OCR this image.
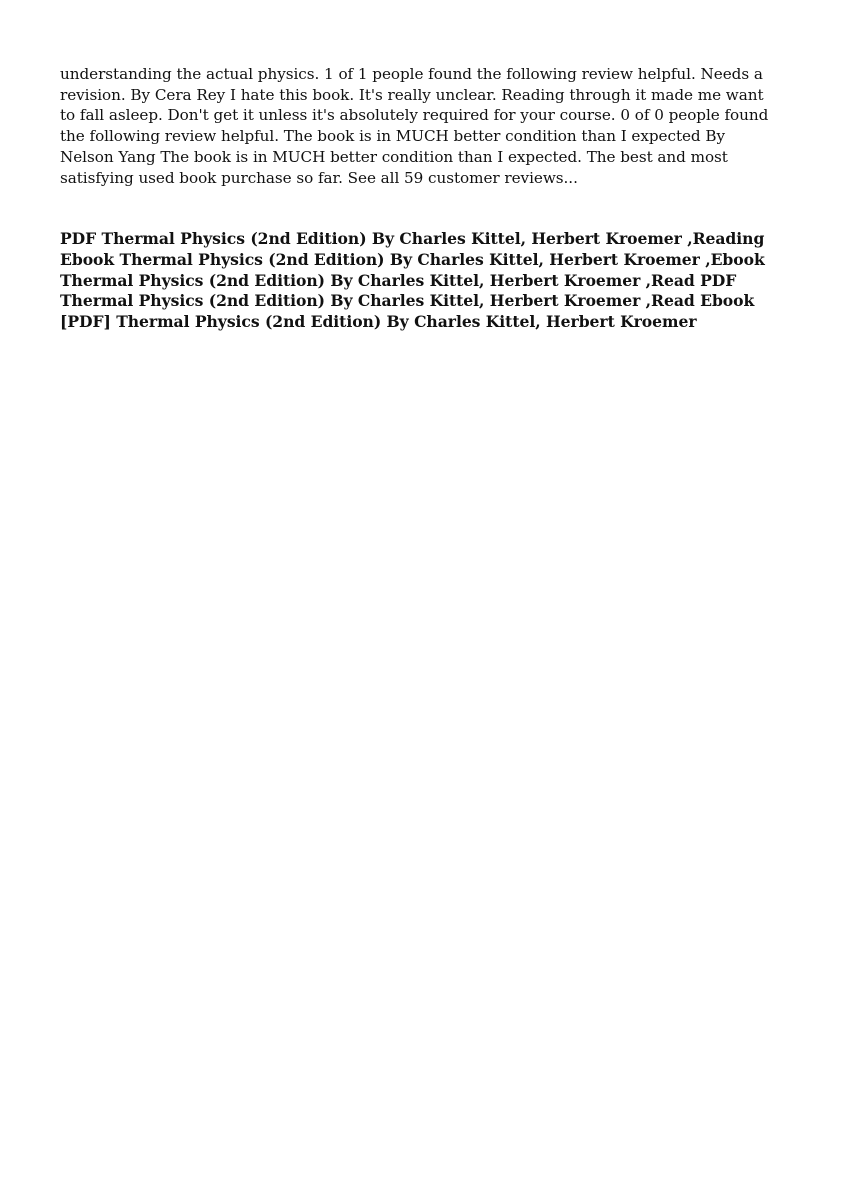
understanding the actual physics. 1 of 1 people found the following review helpful. Needs a revision. By Cera Rey I hate this book. It's really unclear. Reading through it made me want to fall asleep. Don't get it unless it's absolutely required for your course. 0 of 0 people found the following review helpful. The book is in MUCH better condition than I expected By Nelson Yang The book is in MUCH better condition than I expected. The best and most satisfying used book purchase so far. See all 59 customer reviews...

PDF Thermal Physics (2nd Edition) By Charles Kittel, Herbert Kroemer ,Reading Ebook Thermal Physics (2nd Edition) By Charles Kittel, Herbert Kroemer ,Ebook Thermal Physics (2nd Edition) By Charles Kittel, Herbert Kroemer ,Read PDF Thermal Physics (2nd Edition) By Charles Kittel, Herbert Kroemer ,Read Ebook [PDF] Thermal Physics (2nd Edition) By Charles Kittel, Herbert Kroemer
